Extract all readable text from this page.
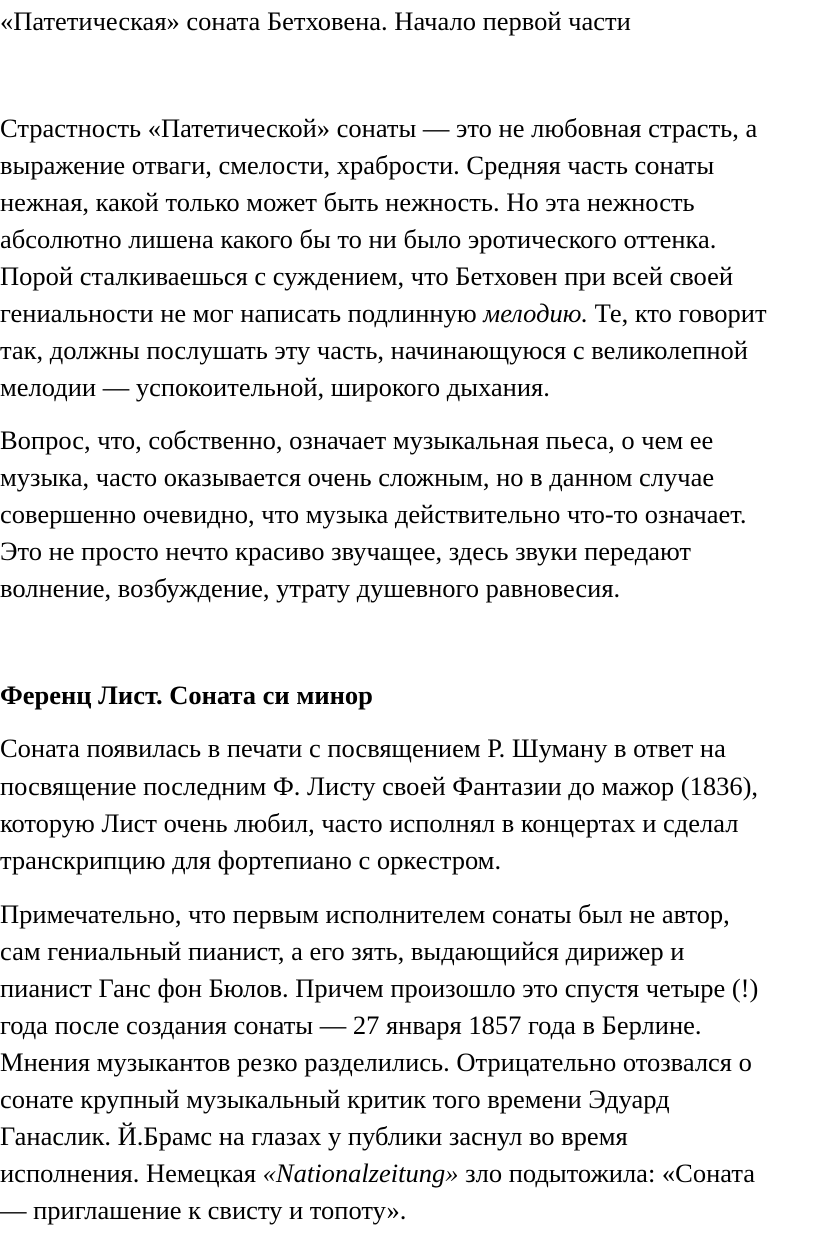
«Патетическая» соната Бетховена. Начало первой части
Страстность «Патетической» сонаты — это не любовная страсть, а
выражение отваги, смелости, храбрости. Средняя часть сонаты
нежная, какой только может быть нежность. Но эта нежность
абсолютно лишена какого бы то ни было эротического оттенка.
Порой сталкиваешься с суждением, что Бетховен при всей своей
гениальности не мог написать подлинную мелодию. Те, кто говорит
так, должны послушать эту часть, начинающуюся с великолепной
мелодии — успокоительной, широкого дыхания.
Вопрос, что, собственно, означает музыкальная пьеса, о чем ее
музыка, часто оказывается очень сложным, но в данном случае
совершенно очевидно, что музыка действительно что-то означает.
Это не просто нечто красиво звучащее, здесь звуки передают
волнение, возбуждение, утрату душевного равновесия.
Ференц Лист. Соната си минор
Соната появилась в печати с посвящением Р. Шуману в ответ на
посвящение последним Ф. Листу своей Фантазии до мажор (1836),
которую Лист очень любил, часто исполнял в концертах и сделал
транскрипцию для фортепиано с оркестром.
Примечательно, что первым исполнителем сонаты был не автор,
сам гениальный пианист, а его зять, выдающийся дирижер и
пианист Ганс фон Бюлов. Причем произошло это спустя четыре (!)
года после создания сонаты — 27 января 1857 года в Берлине.
Мнения музыкантов резко разделились. Отрицательно отозвался о
сонате крупный музыкальный критик того времени Эдуард
Ганаслик. Й.Брамс на глазах у публики заснул во время
исполнения. Немецкая «Nationalzeitung» зло подытожила: «Соната
— приглашение к свисту и топоту».
